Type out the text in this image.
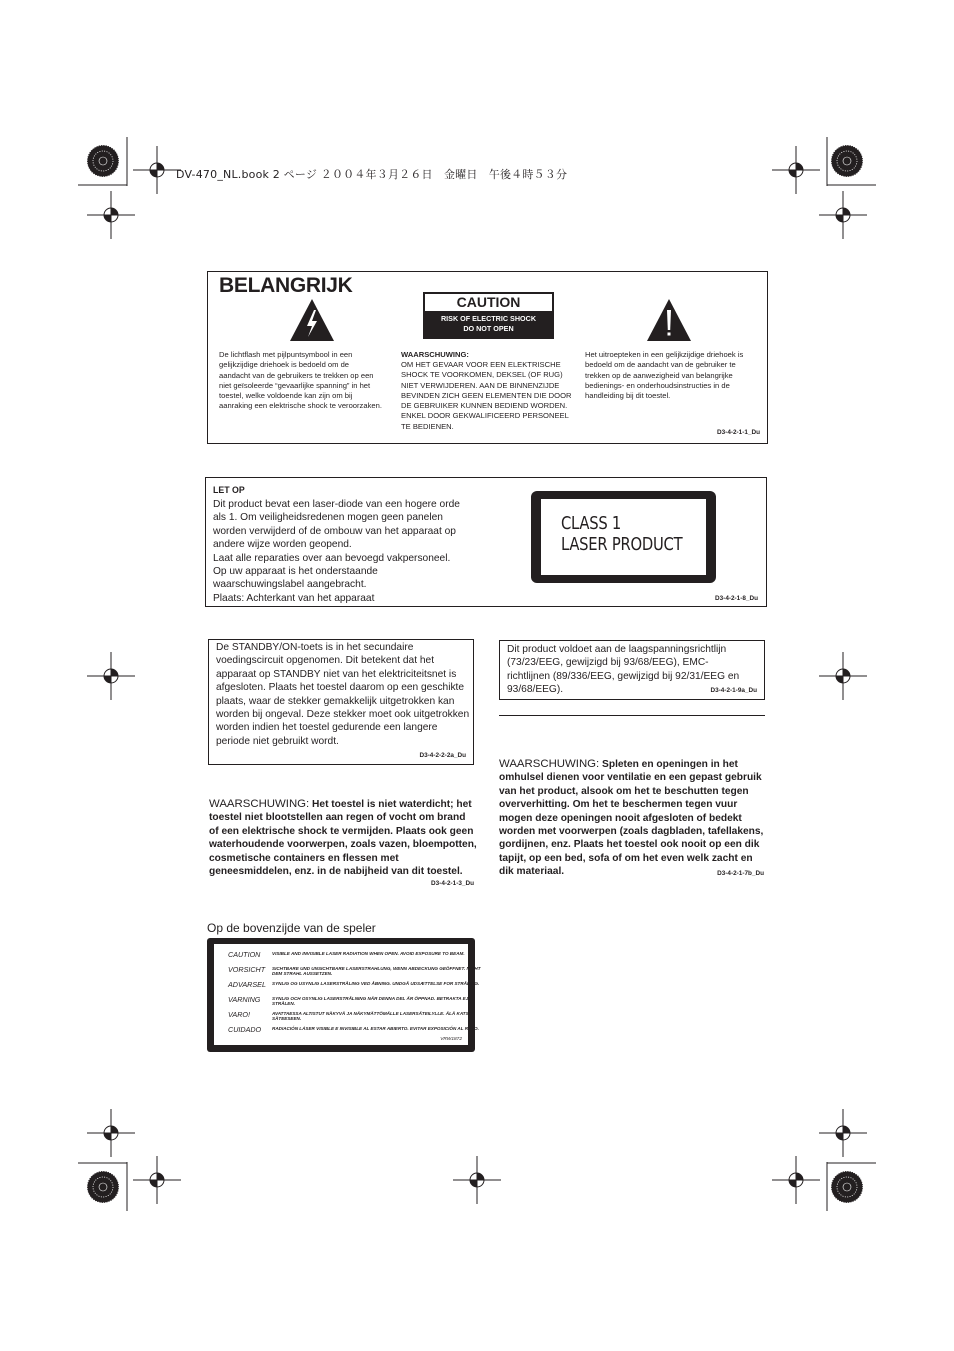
DV-470_NL.book 2 ページ ２００４年３月２６日　金曜日　午後４時５３分
BELANGRIJK
CAUTION
RISK OF ELECTRIC SHOCK
DO NOT OPEN
De lichtflash met pijlpuntsymbool in een gelijkzijdige driehoek is bedoeld om de aandacht van de gebruikers te trekken op een niet geïsoleerde “gevaarlijke spanning” in het toestel, welke voldoende kan zijn om bij aanraking een elektrische shock te veroorzaken.
WAARSCHUWING:
OM HET GEVAAR VOOR EEN ELEKTRISCHE SHOCK TE VOORKOMEN, DEKSEL (OF RUG) NIET VERWIJDEREN. AAN DE BINNENZIJDE BEVINDEN ZICH GEEN ELEMENTEN DIE DOOR DE GEBRUIKER KUNNEN BEDIEND WORDEN. ENKEL DOOR GEKWALIFICEERD PERSONEEL TE BEDIENEN.
Het uitroepteken in een gelijkzijdige driehoek is bedoeld om de aandacht van de gebruiker te trekken op de aanwezigheid van belangrijke bedienings- en onderhoudsinstructies in de handleiding bij dit toestel.
D3-4-2-1-1_Du
LET OP
Dit product bevat een laser-diode van een hogere orde
als 1. Om veiligheidsredenen mogen geen panelen
worden verwijderd of de ombouw van het apparaat op
andere wijze worden geopend.
Laat alle reparaties over aan bevoegd vakpersoneel.
Op uw apparaat is het onderstaande
waarschuwingslabel aangebracht.
Plaats: Achterkant van het apparaat
CLASS 1
LASER PRODUCT
D3-4-2-1-8_Du
De STANDBY/ON-toets is in het secundaire voedingscircuit opgenomen. Dit betekent dat het apparaat op STANDBY niet van het elektriciteitsnet is afgesloten. Plaats het toestel daarom op een geschikte plaats, waar de stekker gemakkelijk uitgetrokken kan worden bij ongeval. Deze stekker moet ook uitgetrokken worden indien het toestel gedurende een langere periode niet gebruikt wordt.
D3-4-2-2-2a_Du
Dit product voldoet aan de laagspanningsrichtlijn (73/23/EEG, gewijzigd bij 93/68/EEG), EMC-richtlijnen (89/336/EEG, gewijzigd bij 92/31/EEG en 93/68/EEG).	D3-4-2-1-9a_Du
WAARSCHUWING: Het toestel is niet waterdicht; het toestel niet blootstellen aan regen of vocht om brand of een elektrische shock te vermijden. Plaats ook geen waterhoudende voorwerpen, zoals vazen, bloempotten, cosmetische containers en flessen met geneesmiddelen, enz. in de nabijheid van dit toestel.
D3-4-2-1-3_Du
WAARSCHUWING: Spleten en openingen in het omhulsel dienen voor ventilatie en een gepast gebruik van het product, alsook om het te beschutten tegen oververhitting. Om het te beschermen tegen vuur mogen deze openingen nooit afgesloten of bedekt worden met voorwerpen (zoals dagbladen, tafellakens, gordijnen, enz. Plaats het toestel ook nooit op een dik tapijt, op een bed, sofa of om het even welk zacht en dik materiaal.	D3-4-2-1-7b_Du
Op de bovenzijde van de speler
CAUTION	VISIBLE AND INVISIBLE LASER RADIATION WHEN OPEN. AVOID EXPOSURE TO BEAM.
VORSICHT SICHTBARE UND UNSICHTBARE LASERSTRAHLUNG, WENN ABDECKUNG GEÖFFNET. NICHT DEM STRAHL AUSSETZEN.
ADVARSEL SYNLIG OG USYNLIG LASERSTRÅLING VED ÅBNING. UNDGÅ UDSÆTTELSE FOR STRÅLING.
VARNING	SYNLIG OCH OSYNLIG LASERSTRÅLNING NÄR DENNA DEL ÄR ÖPPNAD. BETRAKTA EJ STRÅLEN.
VARO!	AVATTAESSA ALTISTUT NÄKYVÄ JA NÄKYMÄTTÖMÄLLE LASERSÄTEILYLLE. ÄLÄ KATSO SÄTEESEEN.
CUIDADO RADIACIÓN LÁSER VISIBLE E INVISIBLE AL ESTAR ABIERTO. EVITAR EXPOSICIÓN AL RAYO.
VRW1872
